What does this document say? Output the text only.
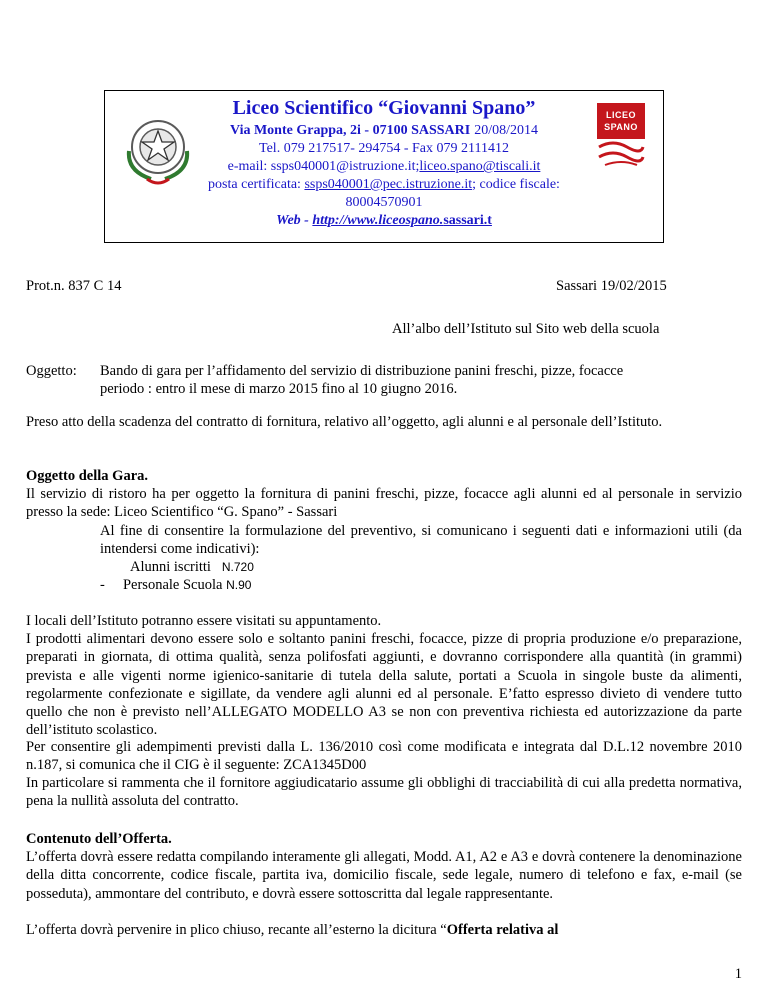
Liceo Scientifico “Giovanni Spano”
Via Monte Grappa, 2i - 07100 SASSARI 20/08/2014
Tel. 079 217517- 294754 - Fax 079 2111412
e-mail: ssps040001@istruzione.it;liceo.spano@tiscali.it
posta certificata: ssps040001@pec.istruzione.it; codice fiscale:
80004570901
Web - http://www.liceospano.sassari.t
LICEO
SPANO
Prot.n. 837 C 14	Sassari 19/02/2015
All’albo dell’Istituto sul Sito web della scuola
Oggetto: Bando di gara per l’affidamento del servizio di distribuzione panini freschi, pizze, focacce
periodo : entro il mese di marzo 2015 fino al 10 giugno 2016.
Preso atto della scadenza del contratto di fornitura, relativo all’oggetto, agli alunni e al personale dell’Istituto.
Oggetto della Gara.
Il servizio di ristoro ha per oggetto la fornitura di panini freschi, pizze, focacce agli alunni ed al personale in servizio presso la sede: Liceo Scientifico “G. Spano” - Sassari
Al fine di consentire la formulazione del preventivo, si comunicano i seguenti dati e informazioni utili (da intendersi come indicativi):
Alunni iscritti N.720
- Personale Scuola N.90
I locali dell’Istituto potranno essere visitati su appuntamento.
I prodotti alimentari devono essere solo e soltanto panini freschi, focacce, pizze di propria produzione e/o preparazione, preparati in giornata, di ottima qualità, senza polifosfati aggiunti, e dovranno corrispondere alla quantità (in grammi) prevista e alle vigenti norme igienico-sanitarie di tutela della salute, portati a Scuola in singole buste da alimenti, regolarmente confezionate e sigillate, da vendere agli alunni ed al personale. E’fatto espresso divieto di vendere tutto quello che non è previsto nell’ALLEGATO MODELLO A3 se non con preventiva richiesta ed autorizzazione da parte dell’istituto scolastico.
Per consentire gli adempimenti previsti dalla L. 136/2010 così come modificata e integrata dal D.L.12 novembre 2010 n.187, si comunica che il CIG è il seguente: ZCA1345D00
In particolare si rammenta che il fornitore aggiudicatario assume gli obblighi di tracciabilità di cui alla predetta normativa, pena la nullità assoluta del contratto.
Contenuto dell’Offerta.
L’offerta dovrà essere redatta compilando interamente gli allegati, Modd. A1, A2 e A3 e dovrà contenere la denominazione della ditta concorrente, codice fiscale, partita iva, domicilio fiscale, sede legale, numero di telefono e fax, e-mail (se posseduta), ammontare del contributo, e dovrà essere sottoscritta dal legale rappresentante.
L’offerta dovrà pervenire in plico chiuso, recante all’esterno la dicitura “Offerta relativa al
1
